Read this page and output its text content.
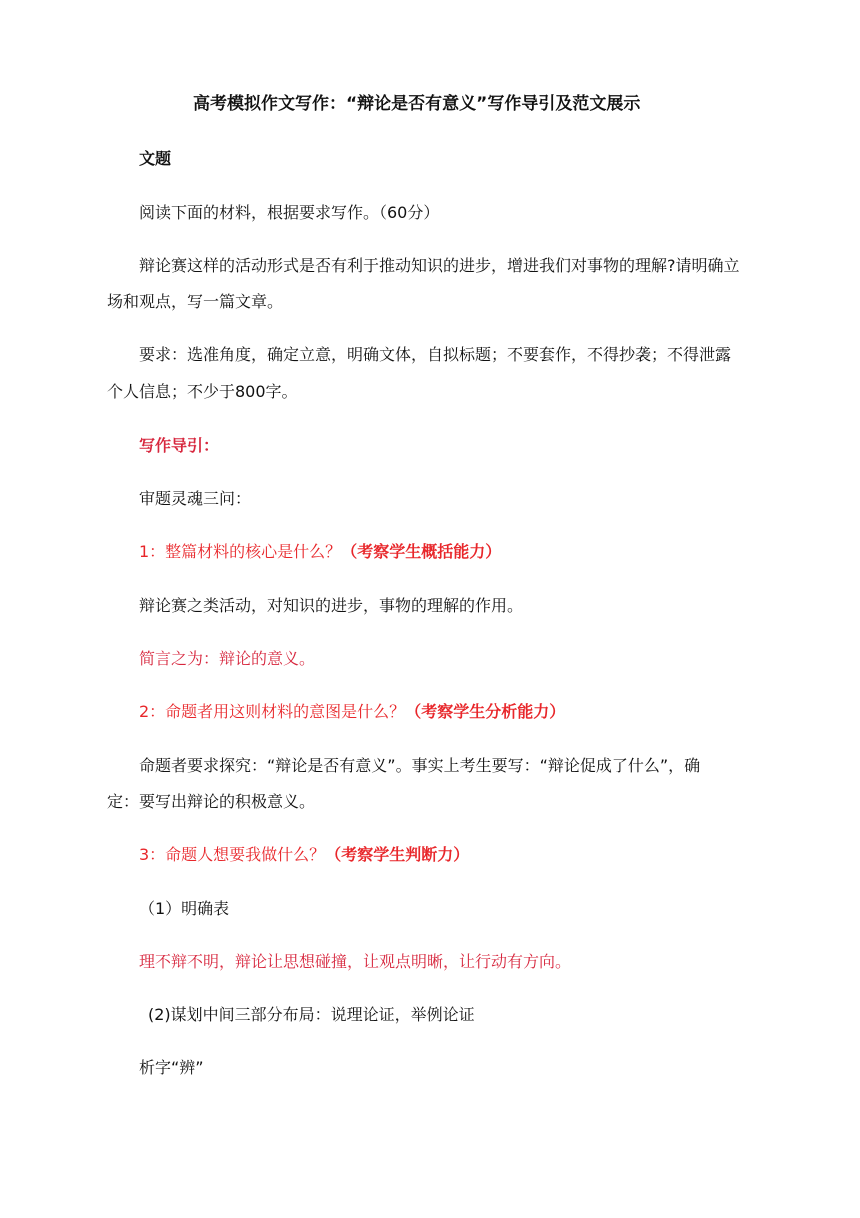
高考模拟作文写作：“辩论是否有意义”写作导引及范文展示
文题
阅读下面的材料，根据要求写作。（60分）
辩论赛这样的活动形式是否有利于推动知识的进步，增进我们对事物的理解?请明确立
场和观点，写一篇文章。
要求：选准角度，确定立意，明确文体，自拟标题；不要套作，不得抄袭；不得泄露
个人信息；不少于800字。
写作导引：
审题灵魂三问：
1：整篇材料的核心是什么？（考察学生概括能力）
辩论赛之类活动，对知识的进步，事物的理解的作用。
简言之为：辩论的意义。
2：命题者用这则材料的意图是什么？（考察学生分析能力）
命题者要求探究：“辩论是否有意义”。事实上考生要写：“辩论促成了什么”，确
定：要写出辩论的积极意义。
3：命题人想要我做什么？（考察学生判断力）
（1）明确表
理不辩不明，辩论让思想碰撞，让观点明晰，让行动有方向。
(2)谋划中间三部分布局：说理论证，举例论证
析字“辨”
